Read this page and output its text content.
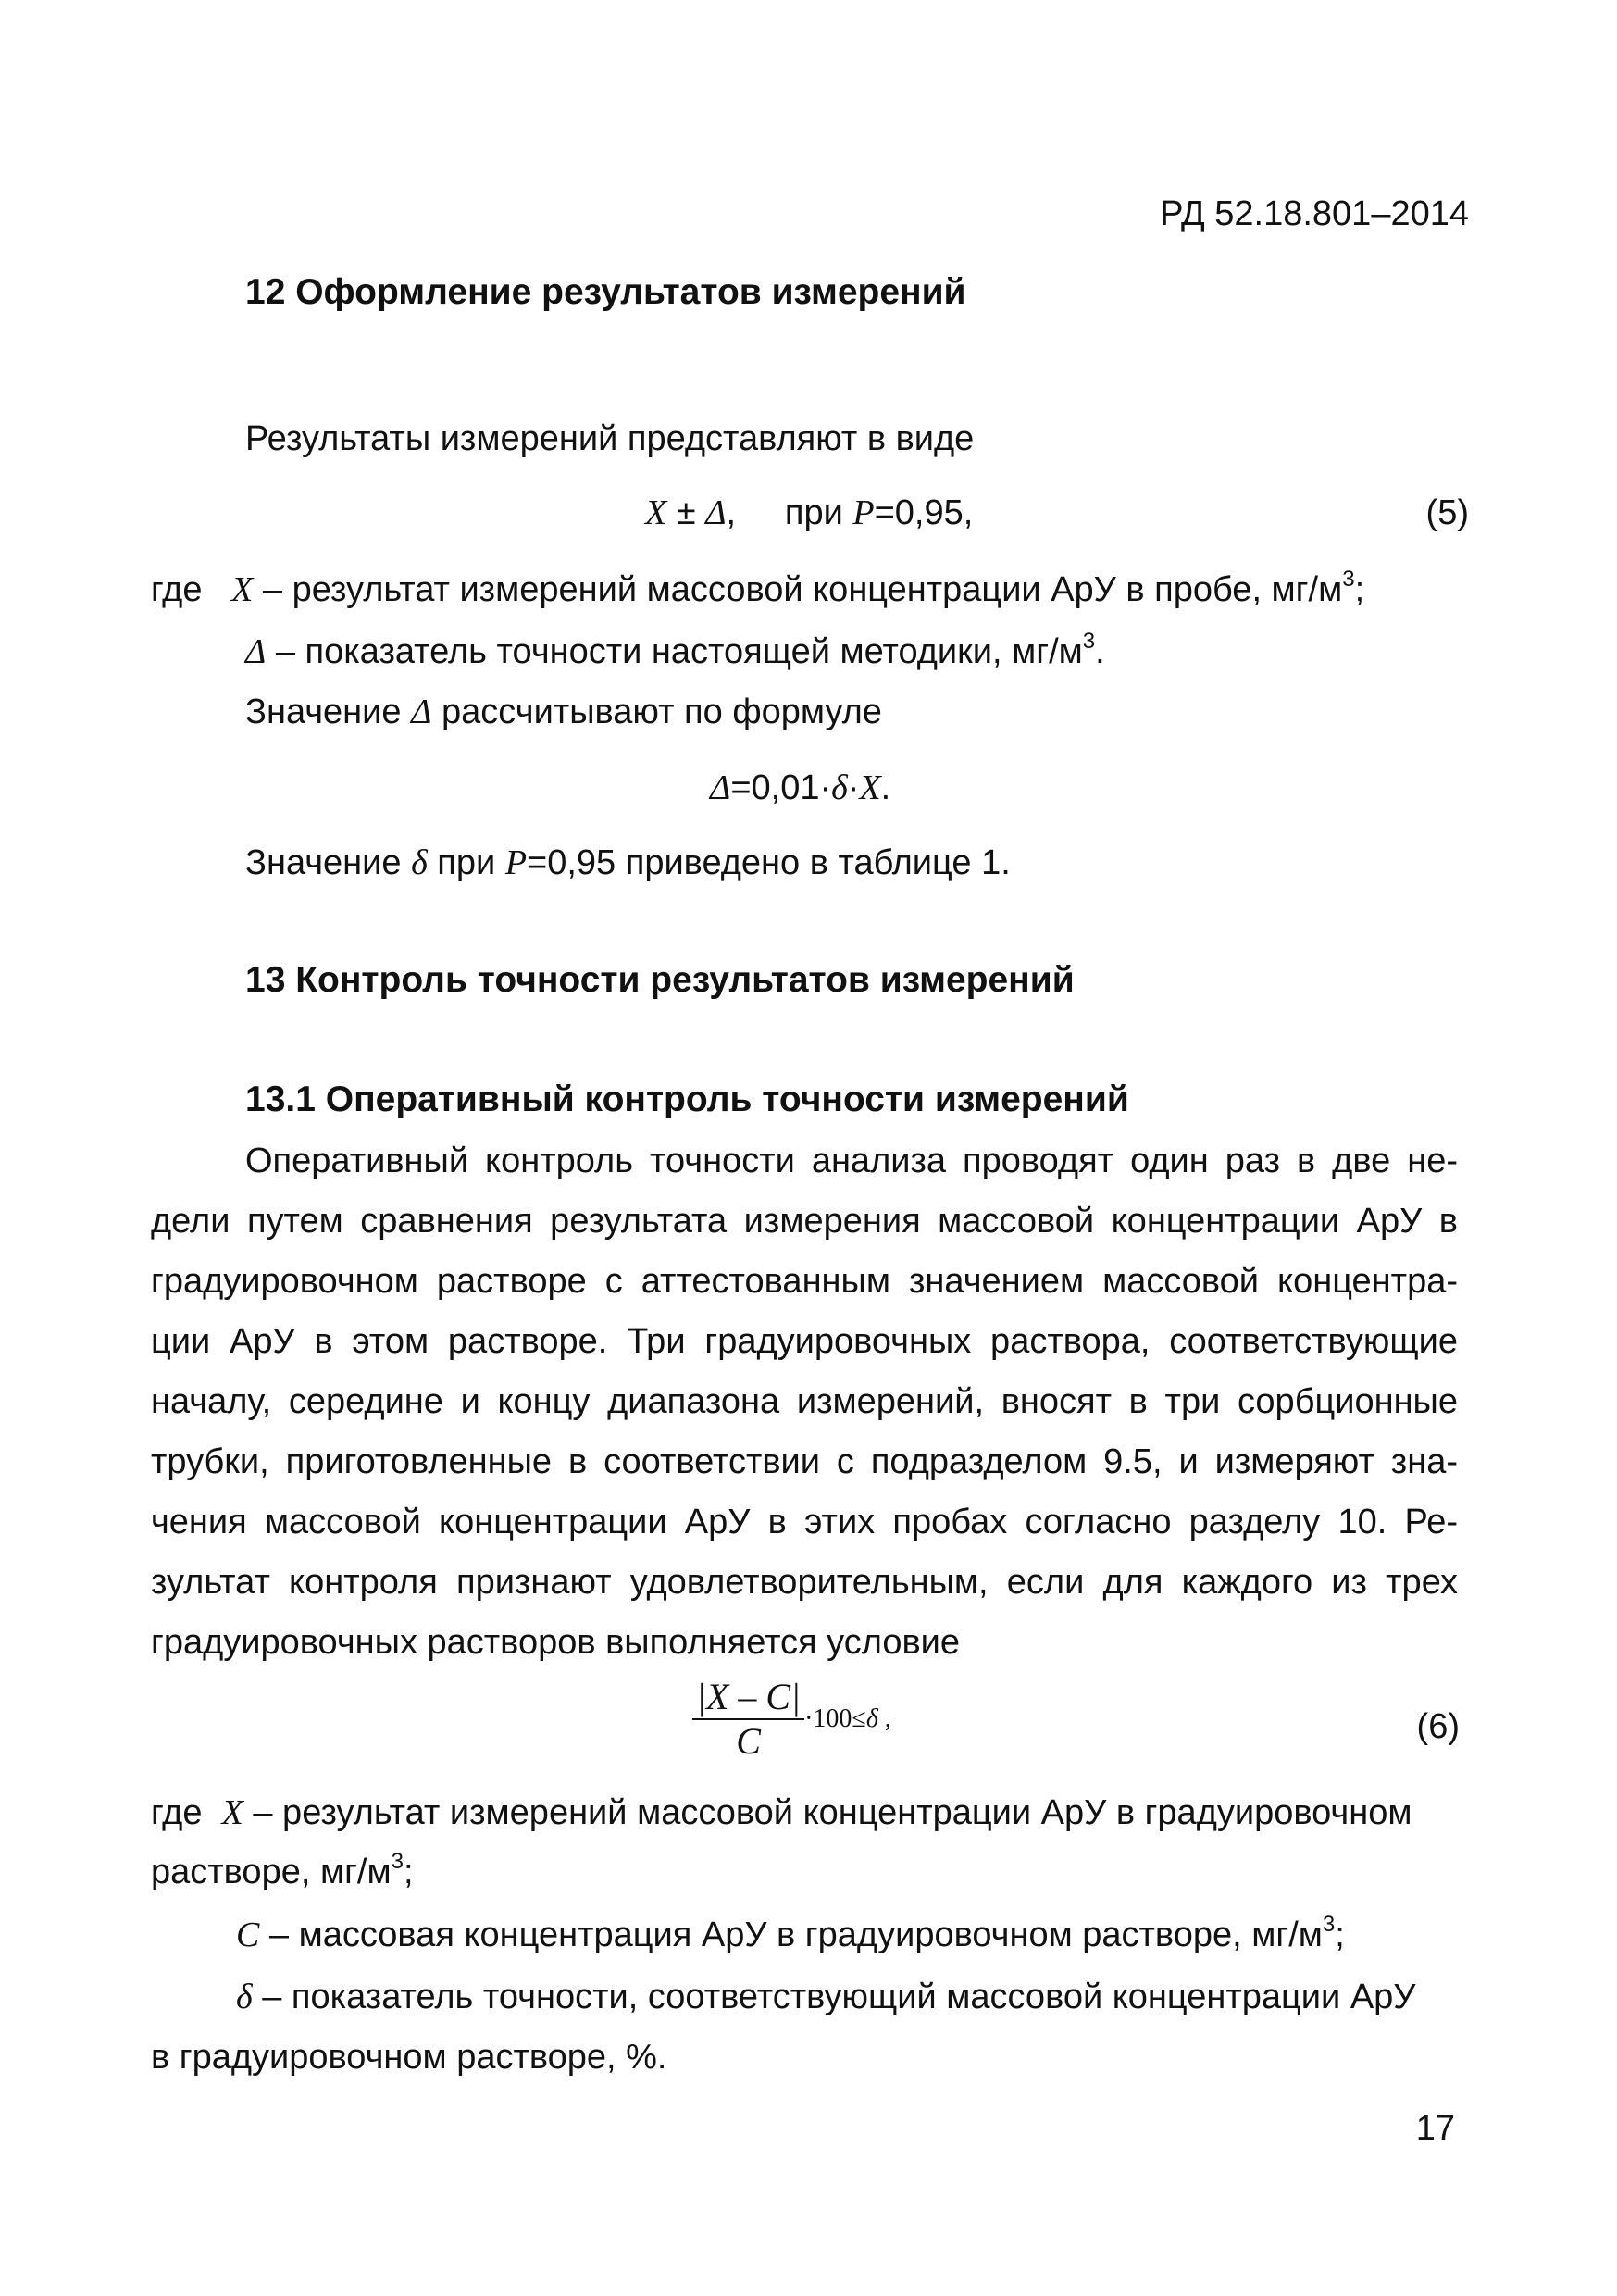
РД 52.18.801–2014
12 Оформление результатов измерений
Результаты измерений представляют в виде
X ± Δ,     при P=0,95,	(5)
где X – результат измерений массовой концентрации АрУ в пробе, $мг/м^3$;
Δ – показатель точности настоящей методики, $мг/м^3$.
Значение Δ рассчитывают по формуле
Δ=0,01·δ·X.
Значение δ при P=0,95 приведено в таблице 1.
13 Контроль точности результатов измерений
13.1 Оперативный контроль точности измерений
Оперативный контроль точности анализа проводят один раз в две не-
дели путем сравнения результата измерения массовой концентрации АрУ в
градуировочном растворе с аттестованным значением массовой концентра-
ции АрУ в этом растворе. Три градуировочных раствора, соответствующие
началу, середине и концу диапазона измерений, вносят в три сорбционные
трубки, приготовленные в соответствии с подразделом 9.5, и измеряют зна-
чения массовой концентрации АрУ в этих пробах согласно разделу 10. Ре-
зультат контроля признают удовлетворительным, если для каждого из трех
градуировочных растворов выполняется условие
$\frac{|X - C|}{C} \cdot 100\le\delta$ ,	(6)
где X – результат измерений массовой концентрации АрУ в градуировочном
растворе, $мг/м^3$;
C – массовая концентрация АрУ в градуировочном растворе, $мг/м^3$;
δ – показатель точности, соответствующий массовой концентрации АрУ
в градуировочном растворе, %.
17
